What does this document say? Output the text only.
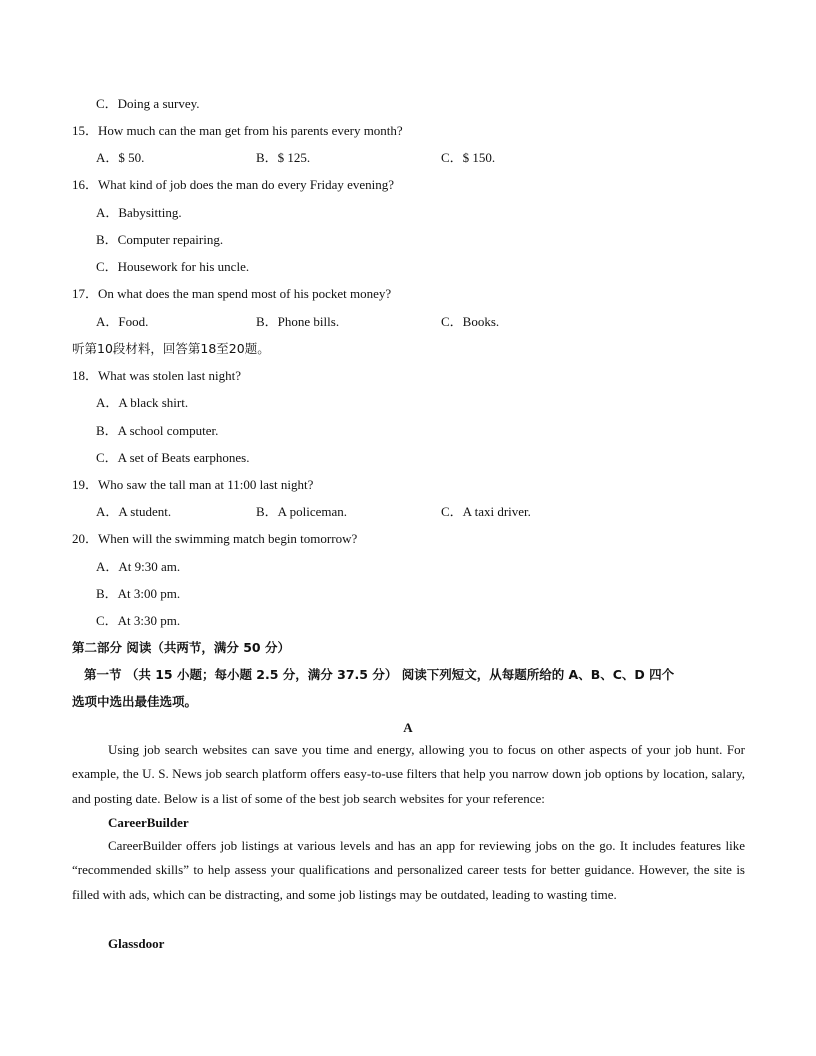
C．Doing a survey.
15．How much can the man get from his parents every month?
A．$ 50.	B．$ 125.	C．$ 150.
16．What kind of job does the man do every Friday evening?
A．Babysitting.
B．Computer repairing.
C．Housework for his uncle.
17．On what does the man spend most of his pocket money?
A．Food.	B．Phone bills.	C．Books.
听第10段材料，回答第18至20题。
18．What was stolen last night?
A．A black shirt.
B．A school computer.
C．A set of Beats earphones.
19．Who saw the tall man at 11:00 last night?
A．A student.	B．A policeman.	C．A taxi driver.
20．When will the swimming match begin tomorrow?
A．At 9:30 am.
B．At 3:00 pm.
C．At 3:30 pm.
第二部分 阅读（共两节，满分 50 分）
第一节 （共 15 小题；每小题 2.5 分，满分 37.5 分） 阅读下列短文，从每题所给的 A、B、C、D 四个
选项中选出最佳选项。
A
Using job search websites can save you time and energy, allowing you to focus on other aspects of your job hunt. For example, the U. S. News job search platform offers easy-to-use filters that help you narrow down job options by location, salary, and posting date. Below is a list of some of the best job search websites for your reference:
CareerBuilder
CareerBuilder offers job listings at various levels and has an app for reviewing jobs on the go. It includes features like “recommended skills” to help assess your qualifications and personalized career tests for better guidance. However, the site is filled with ads, which can be distracting, and some job listings may be outdated, leading to wasting time.
Glassdoor
